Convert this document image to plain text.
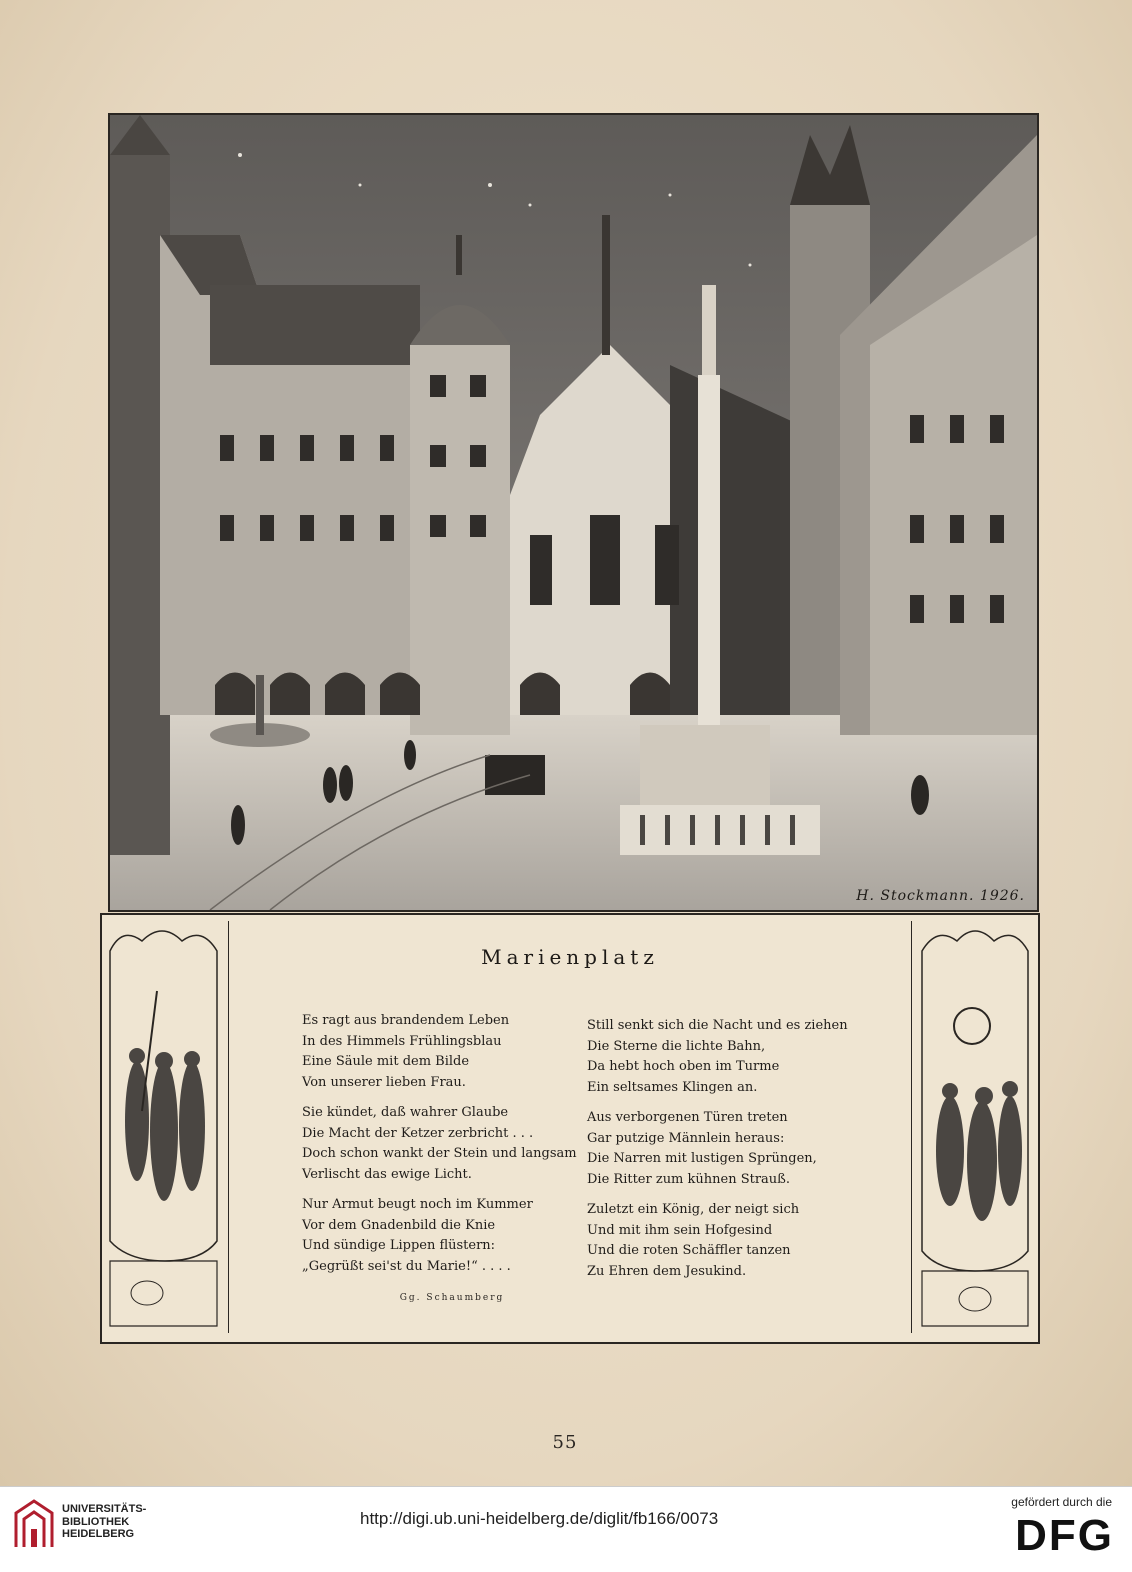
H. Stockmann. 1926.
Marienplatz
Es ragt aus brandendem Leben
In des Himmels Frühlingsblau
Eine Säule mit dem Bilde
Von unserer lieben Frau.
Sie kündet, daß wahrer Glaube
Die Macht der Ketzer zerbricht . . .
Doch schon wankt der Stein und langsam
Verlischt das ewige Licht.
Nur Armut beugt noch im Kummer
Vor dem Gnadenbild die Knie
Und sündige Lippen flüstern:
„Gegrüßt sei'st du Marie!“ . . . .
Still senkt sich die Nacht und es ziehen
Die Sterne die lichte Bahn,
Da hebt hoch oben im Turme
Ein seltsames Klingen an.
Aus verborgenen Türen treten
Gar putzige Männlein heraus:
Die Narren mit lustigen Sprüngen,
Die Ritter zum kühnen Strauß.
Zuletzt ein König, der neigt sich
Und mit ihm sein Hofgesind
Und die roten Schäffler tanzen
Zu Ehren dem Jesukind.
Gg. Schaumberg
55
UNIVERSITÄTS-
BIBLIOTHEK
HEIDELBERG
http://digi.ub.uni-heidelberg.de/diglit/fb166/0073
gefördert durch die
DFG
